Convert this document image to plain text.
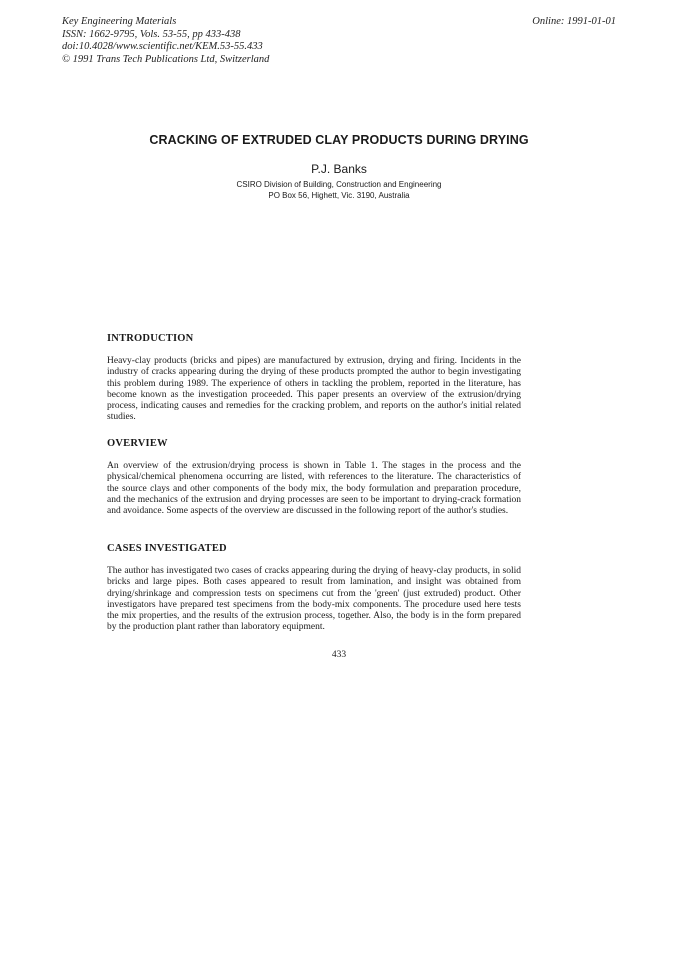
Key Engineering Materials
ISSN: 1662-9795, Vols. 53-55, pp 433-438
doi:10.4028/www.scientific.net/KEM.53-55.433
© 1991 Trans Tech Publications Ltd, Switzerland
Online: 1991-01-01
CRACKING OF EXTRUDED CLAY PRODUCTS DURING DRYING
P.J. Banks
CSIRO Division of Building, Construction and Engineering
PO Box 56, Highett, Vic. 3190, Australia
INTRODUCTION

Heavy-clay products (bricks and pipes) are manufactured by extrusion, drying and firing. Incidents in the industry of cracks appearing during the drying of these products prompted the author to begin investigating this problem during 1989. The experience of others in tackling the problem, reported in the literature, has become known as the investigation proceeded. This paper presents an overview of the extrusion/drying process, indicating causes and remedies for the cracking problem, and reports on the author's initial related studies.

OVERVIEW

An overview of the extrusion/drying process is shown in Table 1. The stages in the process and the physical/chemical phenomena occurring are listed, with references to the literature. The characteristics of the source clays and other components of the body mix, the body formulation and preparation procedure, and the mechanics of the extrusion and drying processes are seen to be important to drying-crack formation and avoidance. Some aspects of the overview are discussed in the following report of the author's studies.

CASES INVESTIGATED

The author has investigated two cases of cracks appearing during the drying of heavy-clay products, in solid bricks and large pipes. Both cases appeared to result from lamination, and insight was obtained from drying/shrinkage and compression tests on specimens cut from the 'green' (just extruded) product. Other investigators have prepared test specimens from the body-mix components. The procedure used here tests the mix properties, and the results of the extrusion process, together. Also, the body is in the form prepared by the production plant rather than laboratory equipment.

433
